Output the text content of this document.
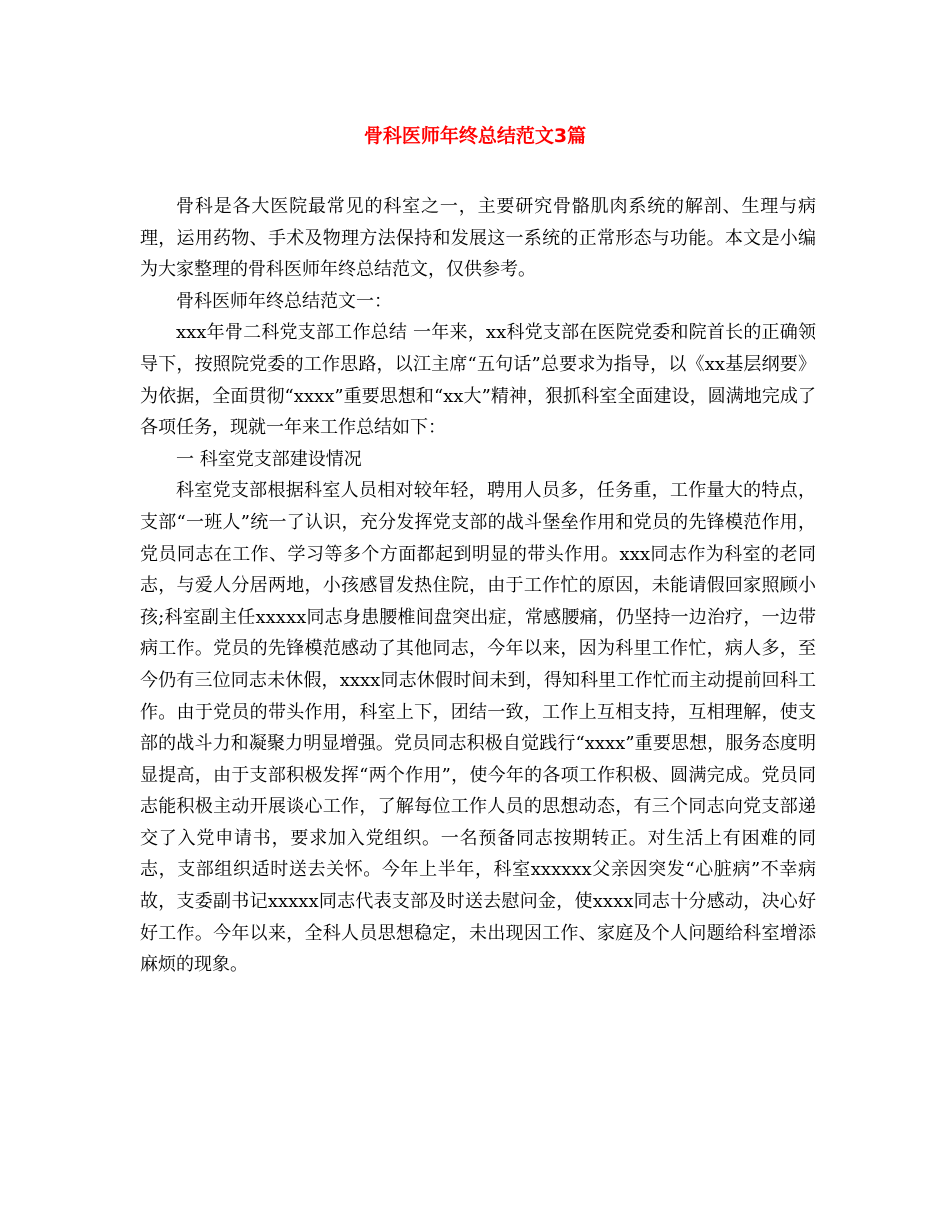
骨科医师年终总结范文3篇

骨科是各大医院最常见的科室之一，主要研究骨骼肌肉系统的解剖、生理与病理，运用药物、手术及物理方法保持和发展这一系统的正常形态与功能。本文是小编为大家整理的骨科医师年终总结范文，仅供参考。

骨科医师年终总结范文一：

xxx年骨二科党支部工作总结 一年来，xx科党支部在医院党委和院首长的正确领导下，按照院党委的工作思路，以江主席“五句话”总要求为指导，以《xx基层纲要》为依据，全面贯彻“xxxx”重要思想和“xx大”精神，狠抓科室全面建设，圆满地完成了各项任务，现就一年来工作总结如下：

一 科室党支部建设情况

科室党支部根据科室人员相对较年轻，聘用人员多，任务重，工作量大的特点，支部“一班人”统一了认识，充分发挥党支部的战斗堡垒作用和党员的先锋模范作用，党员同志在工作、学习等多个方面都起到明显的带头作用。xxx同志作为科室的老同志，与爱人分居两地，小孩感冒发热住院，由于工作忙的原因，未能请假回家照顾小孩;科室副主任xxxxx同志身患腰椎间盘突出症，常感腰痛，仍坚持一边治疗，一边带病工作。党员的先锋模范感动了其他同志，今年以来，因为科里工作忙，病人多，至今仍有三位同志未休假，xxxx同志休假时间未到，得知科里工作忙而主动提前回科工作。由于党员的带头作用，科室上下，团结一致，工作上互相支持，互相理解，使支部的战斗力和凝聚力明显增强。党员同志积极自觉践行“xxxx”重要思想，服务态度明显提高，由于支部积极发挥“两个作用”，使今年的各项工作积极、圆满完成。党员同志能积极主动开展谈心工作，了解每位工作人员的思想动态，有三个同志向党支部递交了入党申请书，要求加入党组织。一名预备同志按期转正。对生活上有困难的同志，支部组织适时送去关怀。今年上半年，科室xxxxxx父亲因突发“心脏病”不幸病故，支委副书记xxxxx同志代表支部及时送去慰问金，使xxxx同志十分感动，决心好好工作。今年以来，全科人员思想稳定，未出现因工作、家庭及个人问题给科室增添麻烦的现象。
